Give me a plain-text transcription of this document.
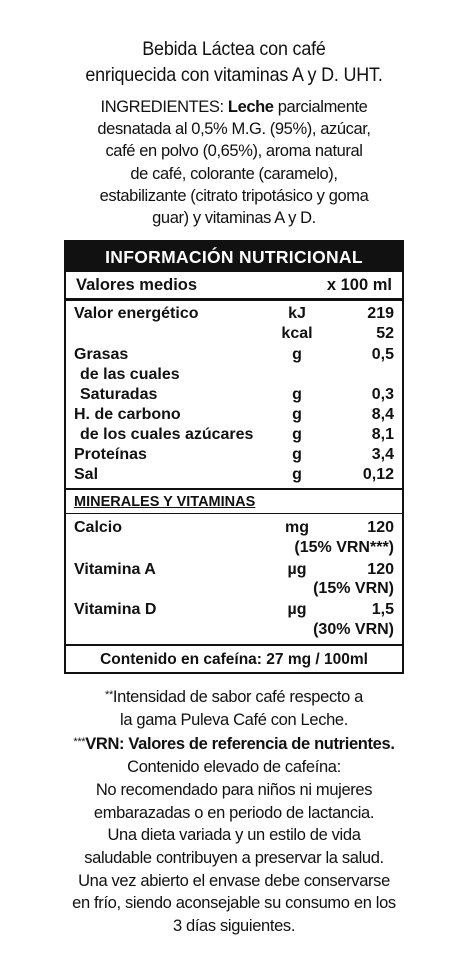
Bebida Láctea con café
enriquecida con vitaminas A y D. UHT.
INGREDIENTES: Leche parcialmente
desnatada al 0,5% M.G. (95%), azúcar,
café en polvo (0,65%), aroma natural
de café, colorante (caramelo),
estabilizante (citrato tripotásico y goma
guar) y vitaminas A y D.
INFORMACIÓN NUTRICIONAL
Valores medios	x 100 ml
Valor energético	kJ	219
kcal	52
Grasas	g	0,5
de las cuales
Saturadas	g	0,3
H. de carbono	g	8,4
de los cuales azúcares	g	8,1
Proteínas	g	3,4
Sal	g	0,12
MINERALES Y VITAMINAS
Calcio	mg	120
(15% VRN***)
Vitamina A	µg	120
(15% VRN)
Vitamina D	µg	1,5
(30% VRN)
Contenido en cafeína: 27 mg / 100ml
**Intensidad de sabor café respecto a
la gama Puleva Café con Leche.
***VRN: Valores de referencia de nutrientes.
Contenido elevado de cafeína:
No recomendado para niños ni mujeres
embarazadas o en periodo de lactancia.
Una dieta variada y un estilo de vida
saludable contribuyen a preservar la salud.
Una vez abierto el envase debe conservarse
en frío, siendo aconsejable su consumo en los
3 días siguientes.
